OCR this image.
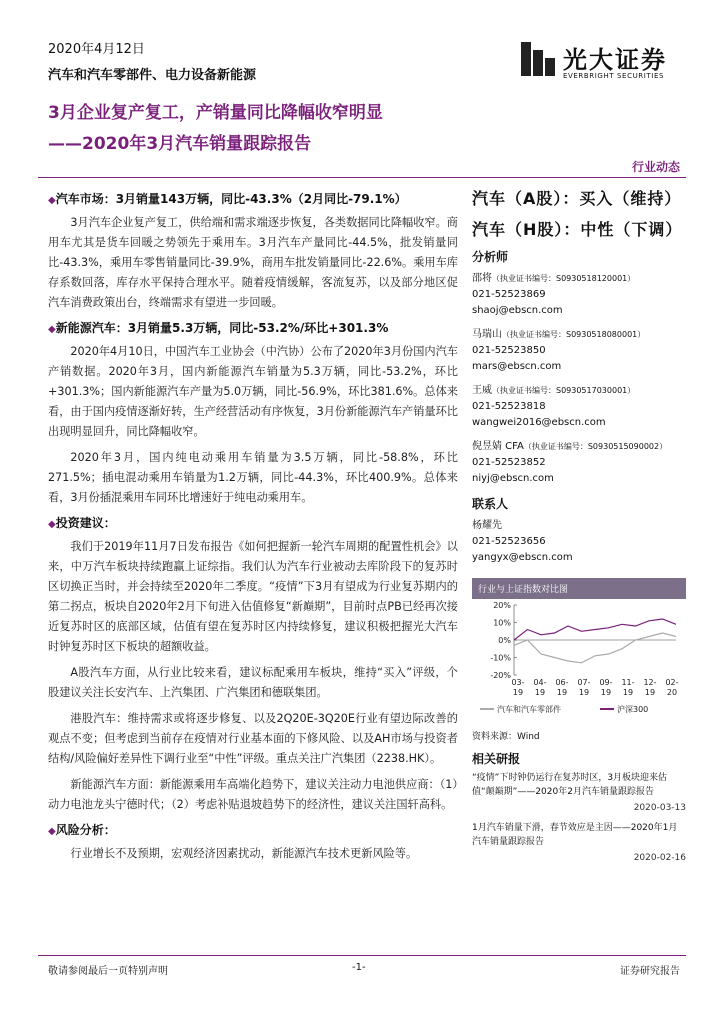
2020年4月12日
汽车和汽车零部件、电力设备新能源
光大证券
EVERBRIGHT SECURITIES
3月企业复产复工，产销量同比降幅收窄明显
——2020年3月汽车销量跟踪报告
行业动态
◆汽车市场：3月销量143万辆，同比-43.3%（2月同比-79.1%）

3月汽车企业复产复工，供给端和需求端逐步恢复，各类数据同比降幅收窄。商用车尤其是货车回暖之势领先于乘用车。3月汽车产量同比-44.5%，批发销量同比-43.3%，乘用车零售销量同比-39.9%，商用车批发销量同比-22.6%。乘用车库存系数回落，库存水平保持合理水平。随着疫情缓解，客流复苏，以及部分地区促汽车消费政策出台，终端需求有望进一步回暖。

◆新能源汽车：3月销量5.3万辆，同比-53.2%/环比+301.3%

2020年4月10日，中国汽车工业协会（中汽协）公布了2020年3月份国内汽车产销数据。2020年3月，国内新能源汽车销量为5.3万辆，同比-53.2%，环比+301.3%；国内新能源汽车产量为5.0万辆，同比-56.9%，环比381.6%。总体来看，由于国内疫情逐渐好转，生产经营活动有序恢复，3月份新能源汽车产销量环比出现明显回升，同比降幅收窄。

2020年3月，国内纯电动乘用车销量为3.5万辆，同比-58.8%，环比271.5%；插电混动乘用车销量为1.2万辆，同比-44.3%，环比400.9%。总体来看，3月份插混乘用车同环比增速好于纯电动乘用车。

◆投资建议：

我们于2019年11月7日发布报告《如何把握新一轮汽车周期的配置性机会》以来，中万汽车板块持续跑赢上证综指。我们认为汽车行业被动去库阶段下的复苏时区切换正当时，并会持续至2020年二季度。“疫情”下3月有望成为行业复苏期内的第二拐点，板块自2020年2月下旬进入估值修复“新巅期”，目前时点PB已经再次接近复苏时区的底部区域，估值有望在复苏时区内持续修复，建议积极把握光大汽车时钟复苏时区下板块的超额收益。

A股汽车方面，从行业比较来看，建议标配乘用车板块，维持“买入”评级，个股建议关注长安汽车、上汽集团、广汽集团和德联集团。

港股汽车：维持需求或将逐步修复、以及2Q20E-3Q20E行业有望边际改善的观点不变；但考虑到当前存在疫情对行业基本面的下修风险、以及AH市场与投资者结构/风险偏好差异性下调行业至“中性”评级。重点关注广汽集团（2238.HK）。

新能源汽车方面：新能源乘用车高端化趋势下，建议关注动力电池供应商：（1）动力电池龙头宁德时代；（2）考虑补贴退坡趋势下的经济性，建议关注国轩高科。

◆风险分析：

行业增长不及预期，宏观经济因素扰动，新能源汽车技术更新风险等。

汽车（A股）：买入（维持）
汽车（H股）：中性（下调）
分析师
邵将（执业证书编号：S0930518120001）
021-52523869
shaoj@ebscn.com
马瑞山（执业证书编号：S0930518080001）
021-52523850
mars@ebscn.com
王威（执业证书编号：S0930517030001）
021-52523818
wangwei2016@ebscn.com
倪昱婧 CFA（执业证书编号：S0930515090002）
021-52523852
niyj@ebscn.com
联系人
杨耀先
021-52523656
yangyx@ebscn.com
行业与上证指数对比图
20%
10%
0%
-10%
-20%
03-
19
04-
19
06-
19
07-
19
09-
19
11-
19
12-
19
02-
20
汽车和汽车零部件	沪深300
资料来源：Wind
相关研报
“疫情”下时钟仍运行在复苏时区，3月板块迎来估值“颠巅期”——2020年2月汽车销量跟踪报告
2020-03-13
1月汽车销量下滑，春节效应是主因——2020年1月汽车销量跟踪报告
2020-02-16
敬请参阅最后一页特别声明	-1-	证券研究报告
